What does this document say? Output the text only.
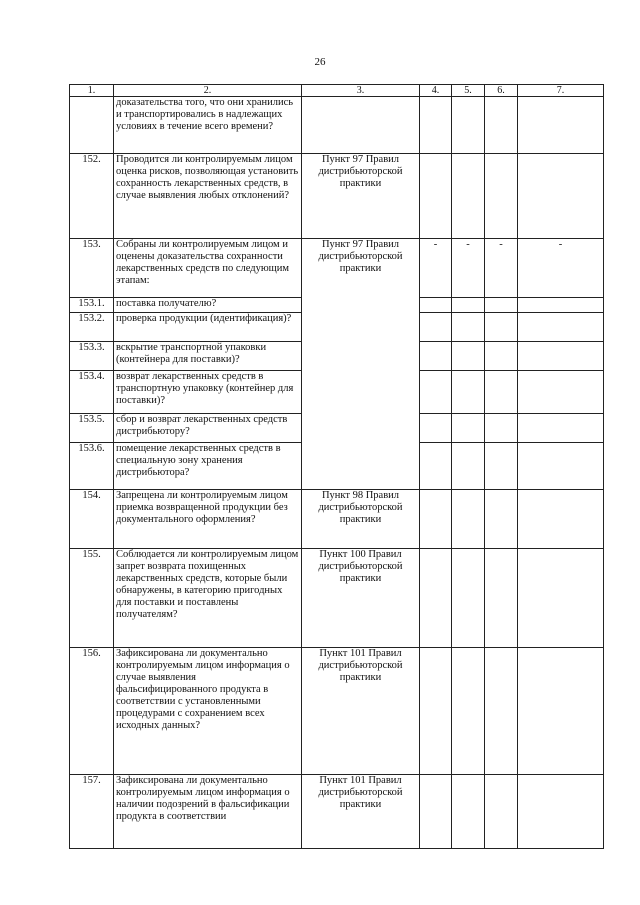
26
1.	2.	3.	4.	5.	6.	7.
	доказательства того, что они хранились и транспортировались в надлежащих условиях в течение всего времени?					
152.	Проводится ли контролируемым лицом оценка рисков, позволяющая установить сохранность лекарственных средств, в случае выявления любых отклонений?	Пункт 97 Правил дистрибьюторской практики				
153.	Собраны ли контролируемым лицом и оценены доказательства сохранности лекарственных средств по следующим этапам:	Пункт 97 Правил дистрибьюторской практики	-	-	-	-
153.1.	поставка получателю?					
153.2.	проверка продукции (идентификация)?					
153.3.	вскрытие транспортной упаковки (контейнера для поставки)?					
153.4.	возврат лекарственных средств в транспортную упаковку (контейнер для поставки)?					
153.5.	сбор и возврат лекарственных средств дистрибьютору?					
153.6.	помещение лекарственных средств в специальную зону хранения дистрибьютора?					
154.	Запрещена ли контролируемым лицом приемка возвращенной продукции без документального оформления?	Пункт 98 Правил дистрибьюторской практики				
155.	Соблюдается ли контролируемым лицом запрет возврата похищенных лекарственных средств, которые были обнаружены, в категорию пригодных для поставки и поставлены получателям?	Пункт 100 Правил дистрибьюторской практики				
156.	Зафиксирована ли документально контролируемым лицом информация о случае выявления фальсифицированного продукта в соответствии с установленными процедурами с сохранением всех исходных данных?	Пункт 101 Правил дистрибьюторской практики				
157.	Зафиксирована ли документально контролируемым лицом информация о наличии подозрений в фальсификации продукта в соответствии	Пункт 101 Правил дистрибьюторской практики				
